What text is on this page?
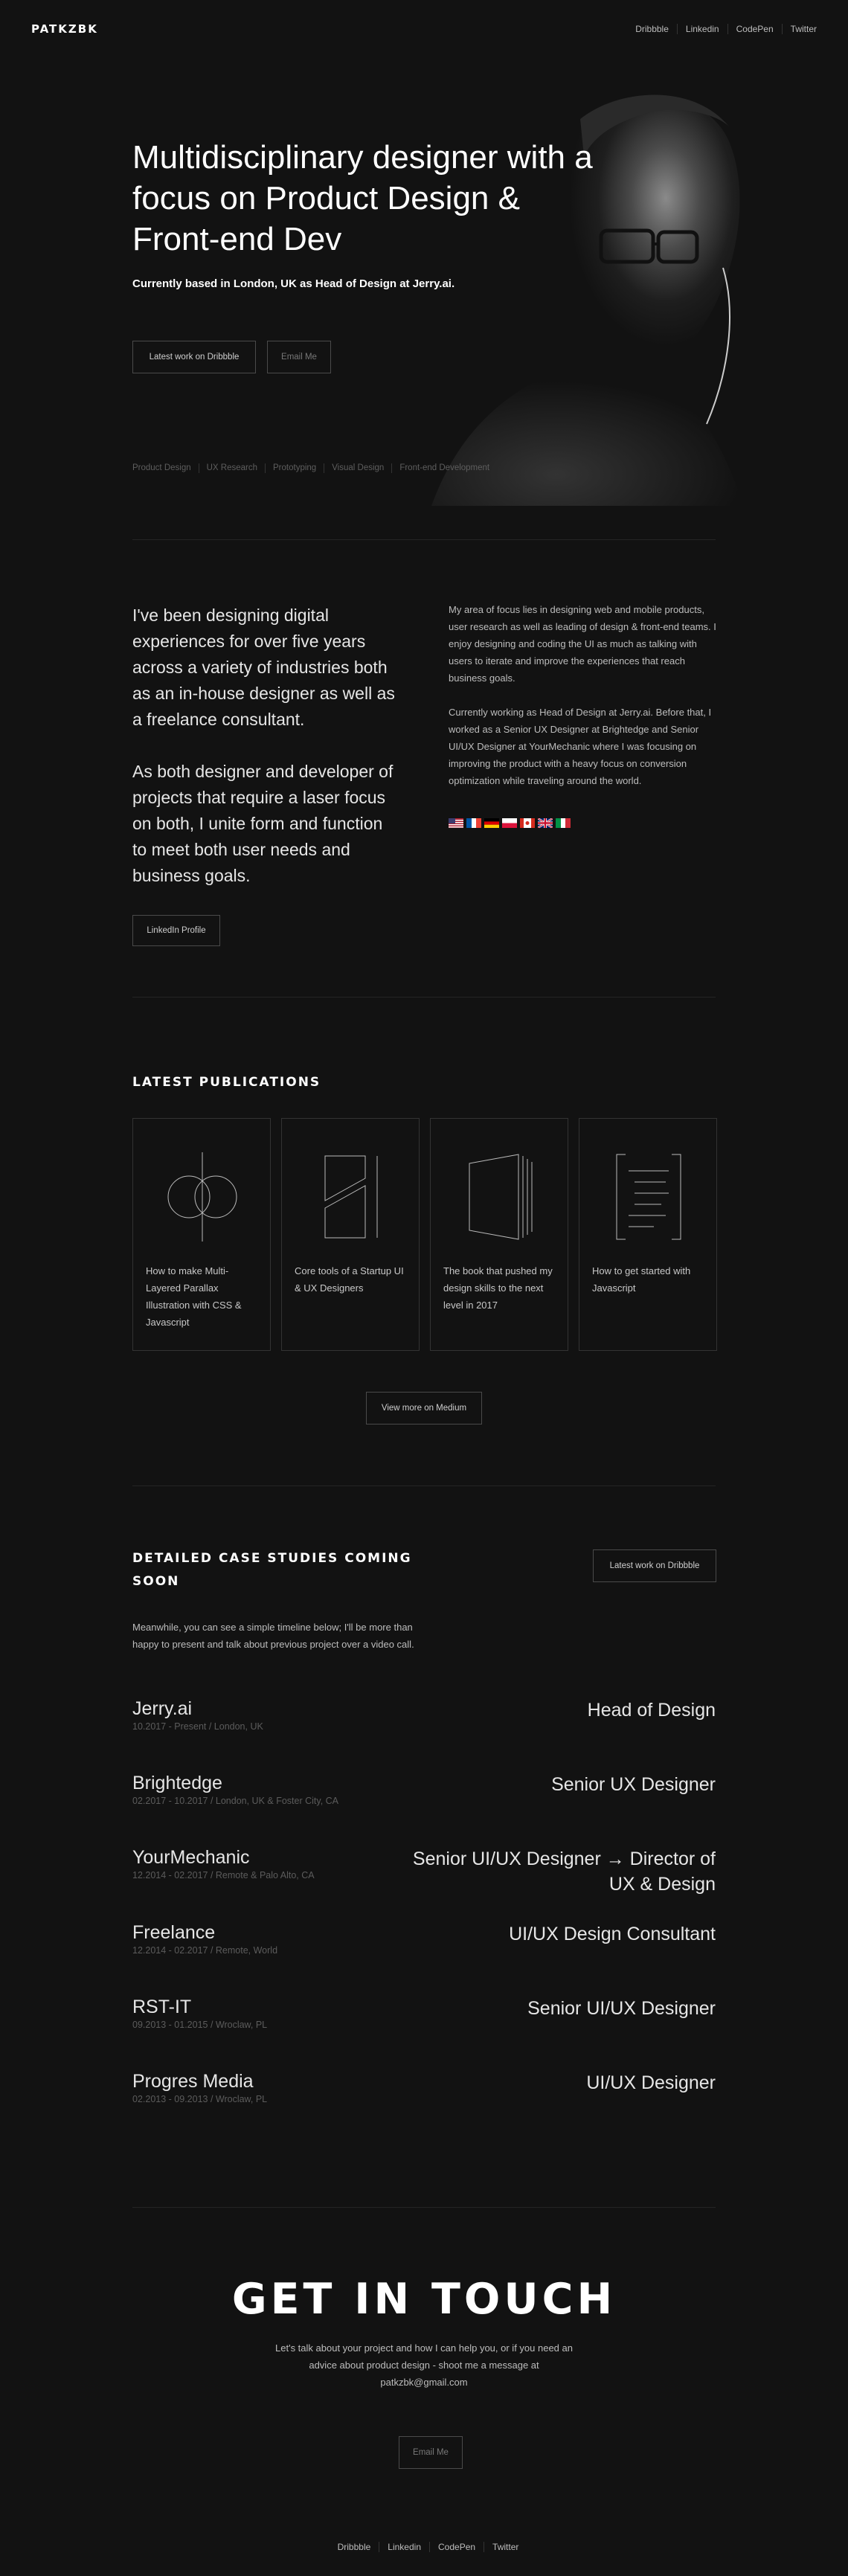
PATKZBK	Dribbble	Linkedin	CodePen	Twitter
Multidisciplinary designer with a focus on Product Design & Front-end Dev
Currently based in London, UK as Head of Design at Jerry.ai.
Latest work on Dribbble	Email Me
Product Design	UX Research	Prototyping	Visual Design	Front-end Development

I've been designing digital experiences for over five years across a variety of industries both as an in-house designer as well as a freelance consultant.

As both designer and developer of projects that require a laser focus on both, I unite form and function to meet both user needs and business goals.

LinkedIn Profile

My area of focus lies in designing web and mobile products, user research as well as leading of design & front-end teams. I enjoy designing and coding the UI as much as talking with users to iterate and improve the experiences that reach business goals.

Currently working as Head of Design at Jerry.ai. Before that, I worked as a Senior UX Designer at Brightedge and Senior UI/UX Designer at YourMechanic where I was focusing on improving the product with a heavy focus on conversion optimization while traveling around the world.

LATEST PUBLICATIONS
How to make Multi-Layered Parallax Illustration with CSS & Javascript
Core tools of a Startup UI & UX Designers
The book that pushed my design skills to the next level in 2017
How to get started with Javascript
View more on Medium
DETAILED CASE STUDIES COMING SOON
Latest work on Dribbble
Meanwhile, you can see a simple timeline below; I'll be more than happy to present and talk about previous project over a video call.
Jerry.ai
10.2017 - Present / London, UK
Head of Design
Brightedge
02.2017 - 10.2017 / London, UK & Foster City, CA
Senior UX Designer
YourMechanic
12.2014 - 02.2017 / Remote & Palo Alto, CA
Senior UI/UX Designer → Director of UX & Design
Freelance
12.2014 - 02.2017 / Remote, World
UI/UX Design Consultant
RST-IT
09.2013 - 01.2015 / Wroclaw, PL
Senior UI/UX Designer
Progres Media
02.2013 - 09.2013 / Wroclaw, PL
UI/UX Designer
GET IN TOUCH
Let's talk about your project and how I can help you, or if you need an advice about product design - shoot me a message at patkzbk@gmail.com
Email Me
Dribbble	Linkedin	CodePen	Twitter
